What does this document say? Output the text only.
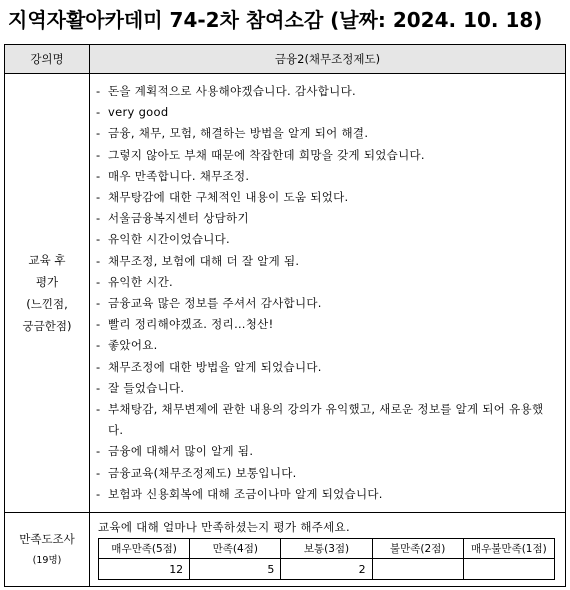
지역자활아카데미 74-2차 참여소감 (날짜: 2024. 10. 18)
강의명	금융2(채무조정제도)

교육 후
평가
(느낀점,
궁금한점)

- 돈을 계획적으로 사용해야겠습니다. 감사합니다.
- very good
- 금융, 채무, 모험, 해결하는 방법을 알게 되어 해결.
- 그렇지 않아도 부채 때문에 착잡한데 희망을 갖게 되었습니다.
- 매우 만족합니다. 채무조정.
- 채무탕감에 대한 구체적인 내용이 도움 되었다.
- 서울금융복지센터 상담하기
- 유익한 시간이었습니다.
- 채무조정, 보험에 대해 더 잘 알게 됨.
- 유익한 시간.
- 금융교육 많은 정보를 주셔서 감사합니다.
- 빨리 정리해야겠죠. 정리…청산!
- 좋았어요.
- 채무조정에 대한 방법을 알게 되었습니다.
- 잘 들었습니다.
- 부채탕감, 채무변제에 관한 내용의 강의가 유익했고, 새로운 정보를 알게 되어 유용했다.
- 금융에 대해서 많이 알게 됨.
- 금융교육(채무조정제도) 보통입니다.
- 보험과 신용회복에 대해 조금이나마 알게 되었습니다.

만족도조사
(19명)

교육에 대해 얼마나 만족하셨는지 평가 해주세요.
매우만족(5점)	만족(4점)	보통(3점)	불만족(2점)	매우불만족(1점)
12	5	2		
